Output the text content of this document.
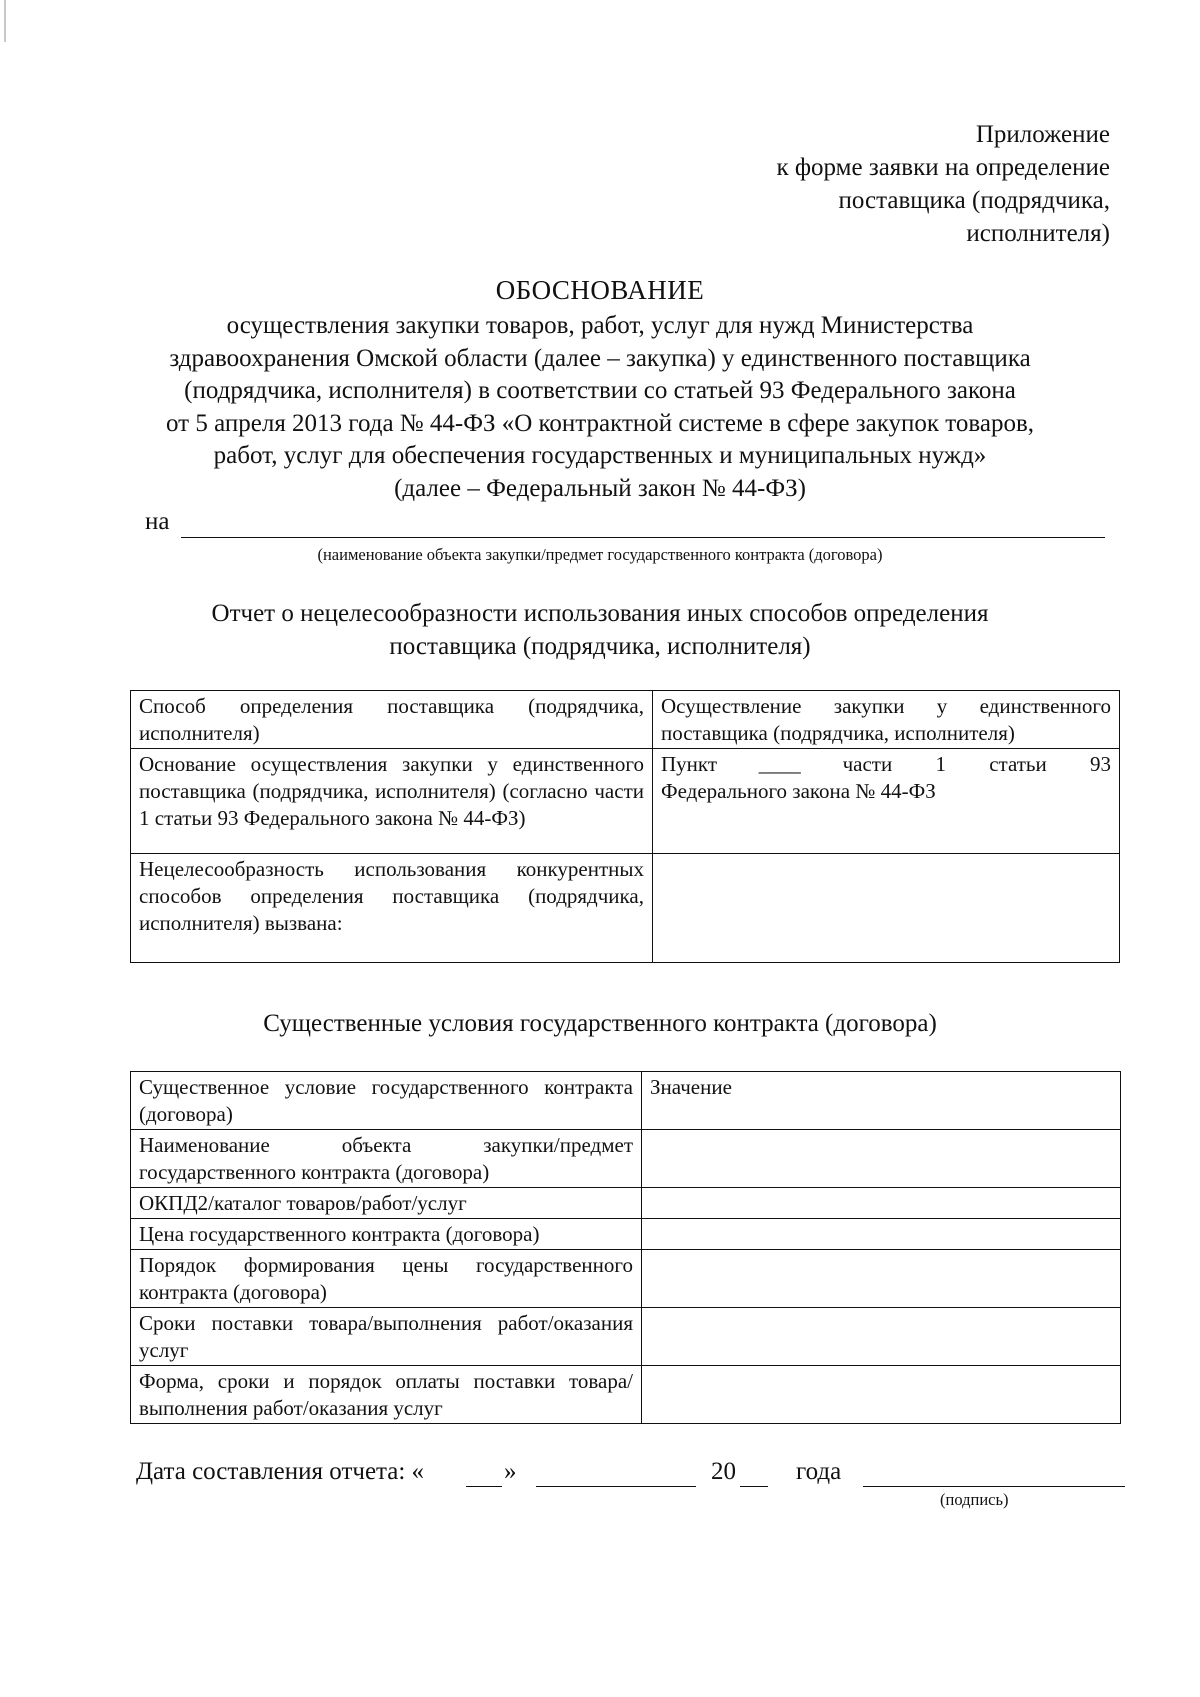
Приложение
к форме заявки на определение
поставщика (подрядчика,
исполнителя)
ОБОСНОВАНИЕ
осуществления закупки товаров, работ, услуг для нужд Министерства
здравоохранения Омской области (далее – закупка) у единственного поставщика
(подрядчика, исполнителя) в соответствии со статьей 93 Федерального закона
от 5 апреля 2013 года № 44-ФЗ «О контрактной системе в сфере закупок товаров,
работ, услуг для обеспечения государственных и муниципальных нужд»
(далее – Федеральный закон № 44-ФЗ)
на
(наименование объекта закупки/предмет государственного контракта (договора)
Отчет о нецелесообразности использования иных способов определения
поставщика (подрядчика, исполнителя)
Способ определения поставщика (подрядчика, исполнителя)	Осуществление закупки у единственного поставщика (подрядчика, исполнителя)
Основание осуществления закупки у единственного поставщика (подрядчика, исполнителя) (согласно части 1 статьи 93 Федерального закона № 44-ФЗ)	Пункт ____ части 1 статьи 93
Федерального закона № 44-ФЗ

Нецелесообразность использования конкурентных способов определения поставщика (подрядчика, исполнителя) вызвана:	
Существенные условия государственного контракта (договора)
Существенное условие государственного контракта (договора)	Значение
Наименование объекта закупки/предмет государственного контракта (договора)	
ОКПД2/каталог товаров/работ/услуг	
Цена государственного контракта (договора)	
Порядок формирования цены государственного контракта (договора)	
Сроки поставки товара/выполнения работ/оказания услуг	
Форма, сроки и порядок оплаты поставки товара/выполнения работ/оказания услуг	
Дата составления отчета: «	»	20 года
(подпись)
